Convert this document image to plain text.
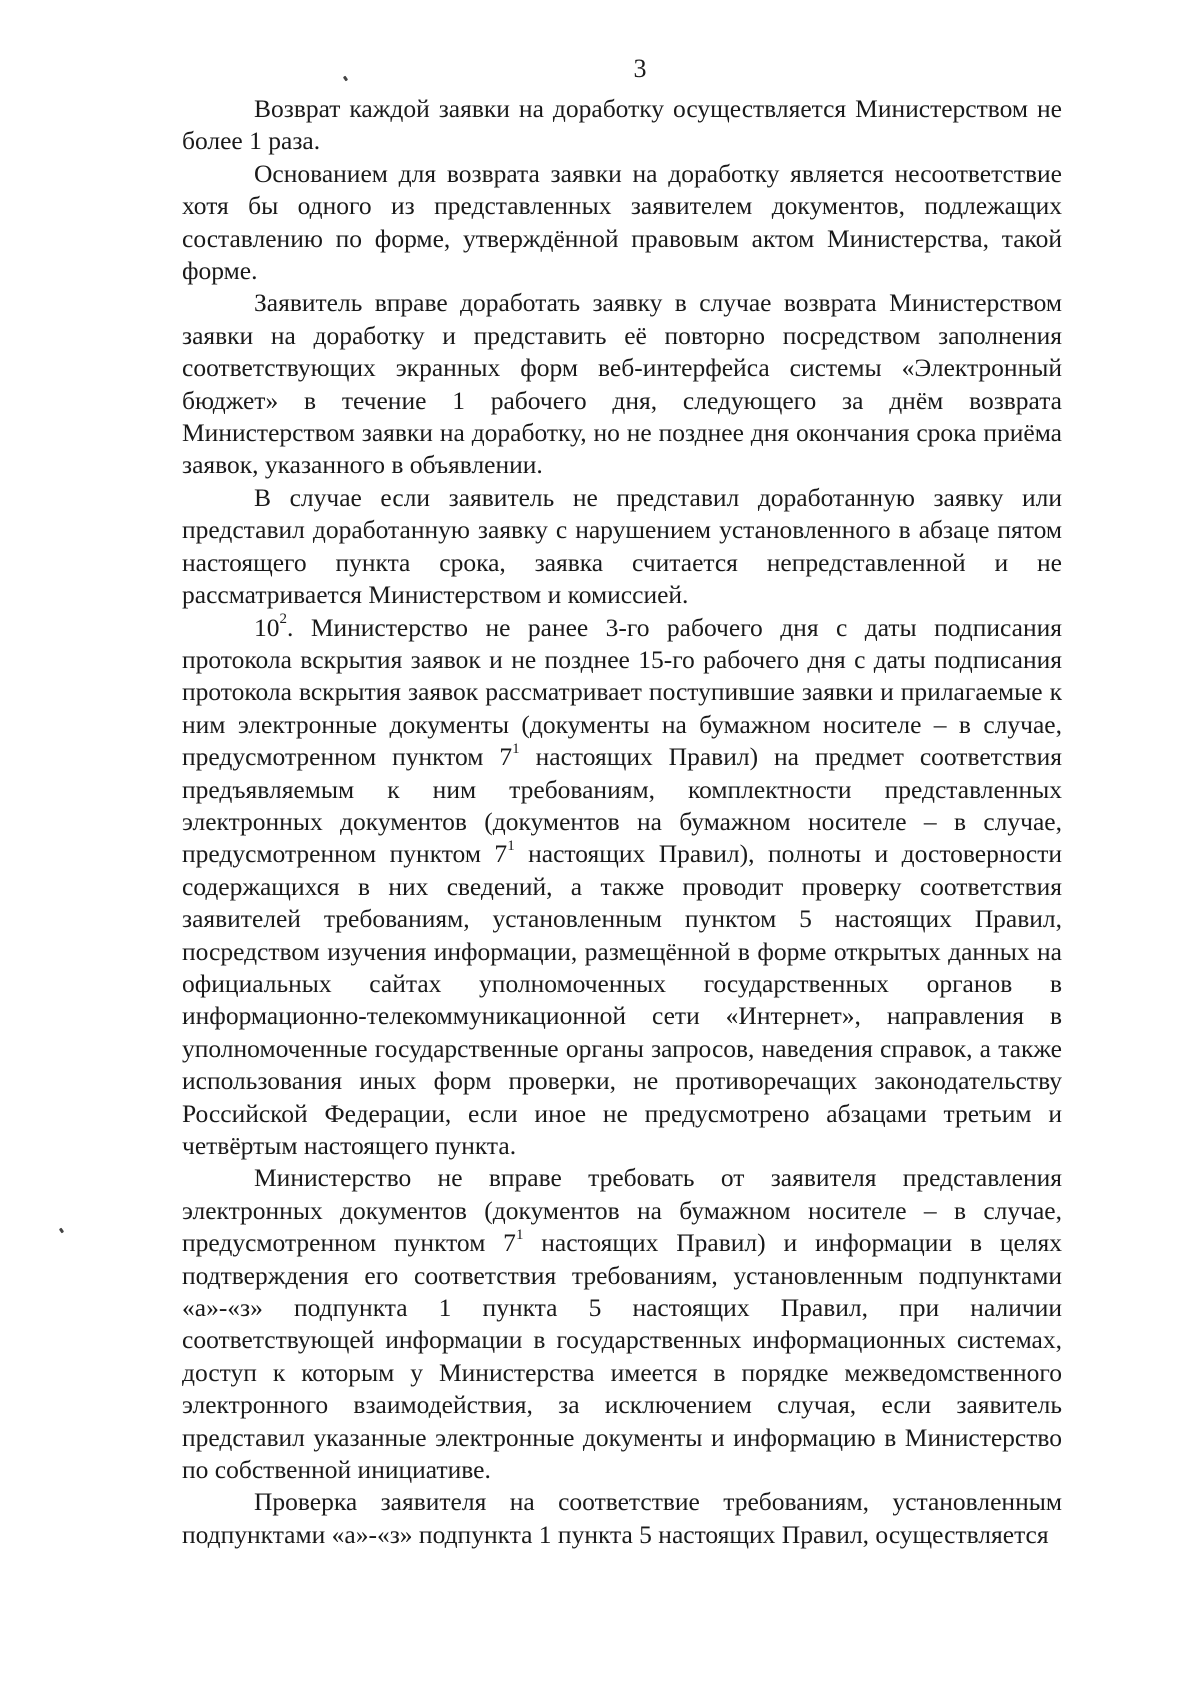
3

Возврат каждой заявки на доработку осуществляется Министерством не более 1 раза.

Основанием для возврата заявки на доработку является несоответствие хотя бы одного из представленных заявителем документов, подлежащих составлению по форме, утверждённой правовым актом Министерства, такой форме.

Заявитель вправе доработать заявку в случае возврата Министерством заявки на доработку и представить её повторно посредством заполнения соответствующих экранных форм веб-интерфейса системы «Электронный бюджет» в течение 1 рабочего дня, следующего за днём возврата Министерством заявки на доработку, но не позднее дня окончания срока приёма заявок, указанного в объявлении.

В случае если заявитель не представил доработанную заявку или представил доработанную заявку с нарушением установленного в абзаце пятом настоящего пункта срока, заявка считается непредставленной и не рассматривается Министерством и комиссией.

$10^2$. Министерство не ранее 3-го рабочего дня с даты подписания протокола вскрытия заявок и не позднее 15-го рабочего дня с даты подписания протокола вскрытия заявок рассматривает поступившие заявки и прилагаемые к ним электронные документы (документы на бумажном носителе – в случае, предусмотренном пунктом $7^1$ настоящих Правил) на предмет соответствия предъявляемым к ним требованиям, комплектности представленных электронных документов (документов на бумажном носителе – в случае, предусмотренном пунктом $7^1$ настоящих Правил), полноты и достоверности содержащихся в них сведений, а также проводит проверку соответствия заявителей требованиям, установленным пунктом 5 настоящих Правил, посредством изучения информации, размещённой в форме открытых данных на официальных сайтах уполномоченных государственных органов в информационно-телекоммуникационной сети «Интернет», направления в уполномоченные государственные органы запросов, наведения справок, а также использования иных форм проверки, не противоречащих законодательству Российской Федерации, если иное не предусмотрено абзацами третьим и четвёртым настоящего пункта.

Министерство не вправе требовать от заявителя представления электронных документов (документов на бумажном носителе – в случае, предусмотренном пунктом $7^1$ настоящих Правил) и информации в целях подтверждения его соответствия требованиям, установленным подпунктами «а»-«з» подпункта 1 пункта 5 настоящих Правил, при наличии соответствующей информации в государственных информационных системах, доступ к которым у Министерства имеется в порядке межведомственного электронного взаимодействия, за исключением случая, если заявитель представил указанные электронные документы и информацию в Министерство по собственной инициативе.

Проверка заявителя на соответствие требованиям, установленным подпунктами «а»-«з» подпункта 1 пункта 5 настоящих Правил, осуществляется
